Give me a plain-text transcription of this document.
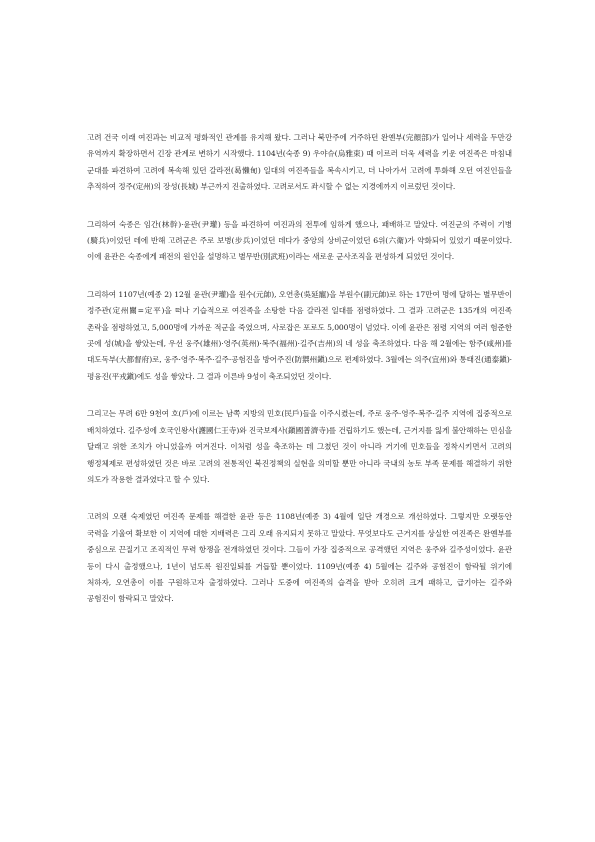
고려 건국 이래 여진과는 비교적 평화적인 관계를 유지해 왔다. 그러나 북만주에 거주하던 완옌부(完顔部)가 일어나 세력을 두만강 유역까지 확장하면서 긴장 관계로 변하기 시작했다. 1104년(숙종 9) 우야슈(烏雅束) 때 이르러 더욱 세력을 키운 여진족은 마침내 군대를 파견하여 고려에 복속해 있던 갈라전(曷懶甸) 일대의 여진족들을 복속시키고, 더 나아가서 고려에 투화해 오던 여진인들을 추적하여 정주(定州)의 장성(長城) 부근까지 진출하였다. 고려로서도 좌시할 수 없는 지경에까지 이르렀던 것이다.

그리하여 숙종은 임간(林幹)·윤관(尹瓘) 등을 파견하여 여진과의 전투에 임하게 했으나, 패배하고 말았다. 여진군의 주력이 기병(騎兵)이었던 데에 반해 고려군은 주로 보병(步兵)이었던 데다가 중앙의 상비군이었던 6위(六衛)가 약화되어 있었기 때문이었다. 이에 윤관은 숙종에게 패전의 원인을 설명하고 별무반(別武班)이라는 새로운 군사조직을 편성하게 되었던 것이다.

그리하여 1107년(예종 2) 12월 윤관(尹瓘)을 원수(元帥), 오연총(吳延寵)을 부원수(副元帥)로 하는 17만여 명에 달하는 별무반이 정주관(定州關=定平)을 떠나 기습적으로 여진족을 소탕한 다음 갈라전 일대를 점령하였다. 그 결과 고려군은 135개의 여진족 촌락을 점령하였고, 5,000명에 가까운 적군을 죽였으며, 사로잡은 포로도 5,000명이 넘었다. 이에 윤관은 점령 지역의 여러 험준한 곳에 성(城)을 쌓았는데, 우선 웅주(雄州)·영주(英州)·복주(福州)·길주(吉州)의 네 성을 축조하였다. 다음 해 2월에는 함주(咸州)를 대도독부(大都督府)로, 웅주·영주·복주·길주·공험진을 방어주진(防禦州鎭)으로 편제하였다. 3월에는 의주(宜州)와 통태진(通泰鎭)·평융진(平戎鎭)에도 성을 쌓았다. 그 결과 이른바 9성이 축조되었던 것이다.

그리고는 무려 6만 9천여 호(戶)에 이르는 남쪽 지방의 민호(民戶)들을 이주시켰는데, 주로 웅주·영주·복주·길주 지역에 집중적으로 배치하였다. 길주성에 호국인왕사(護國仁王寺)와 진국보제사(鎭國普濟寺)를 건립하기도 했는데, 근거지를 잃게 불안해하는 민심을 달래고 위한 조치가 아니었을까 여겨진다. 이처럼 성을 축조하는 데 그쳤던 것이 아니라 거기에 민호들을 정착시키면서 고려의 행정체제로 편성하였던 것은 바로 고려의 전통적인 북진정책의 실현을 의미할 뿐만 아니라 국내의 농토 부족 문제를 해결하기 위한 의도가 작용한 결과였다고 할 수 있다.

고려의 오랜 숙제였던 여진족 문제를 해결한 윤관 등은 1108년(예종 3) 4월에 일단 개경으로 개선하였다. 그렇지만 오랫동안 국력을 기울여 확보한 이 지역에 대한 지배력은 그리 오래 유지되지 못하고 말았다. 무엇보다도 근거지를 상실한 여진족은 완옌부를 중심으로 끈질기고 조직적인 무력 항쟁을 전개하였던 것이다. 그들이 가장 집중적으로 공격했던 지역은 웅주와 길주성이었다. 윤관 등이 다시 출정했으나, 1년이 넘도록 원진일퇴를 거듭할 뿐이었다. 1109년(예종 4) 5월에는 길주와 공험진이 함락될 위기에 처하자, 오연총이 이를 구원하고자 출정하였다. 그러나 도중에 여진족의 습격을 받아 오히려 크게 패하고, 급기야는 길주와 공험진이 함락되고 말았다.
